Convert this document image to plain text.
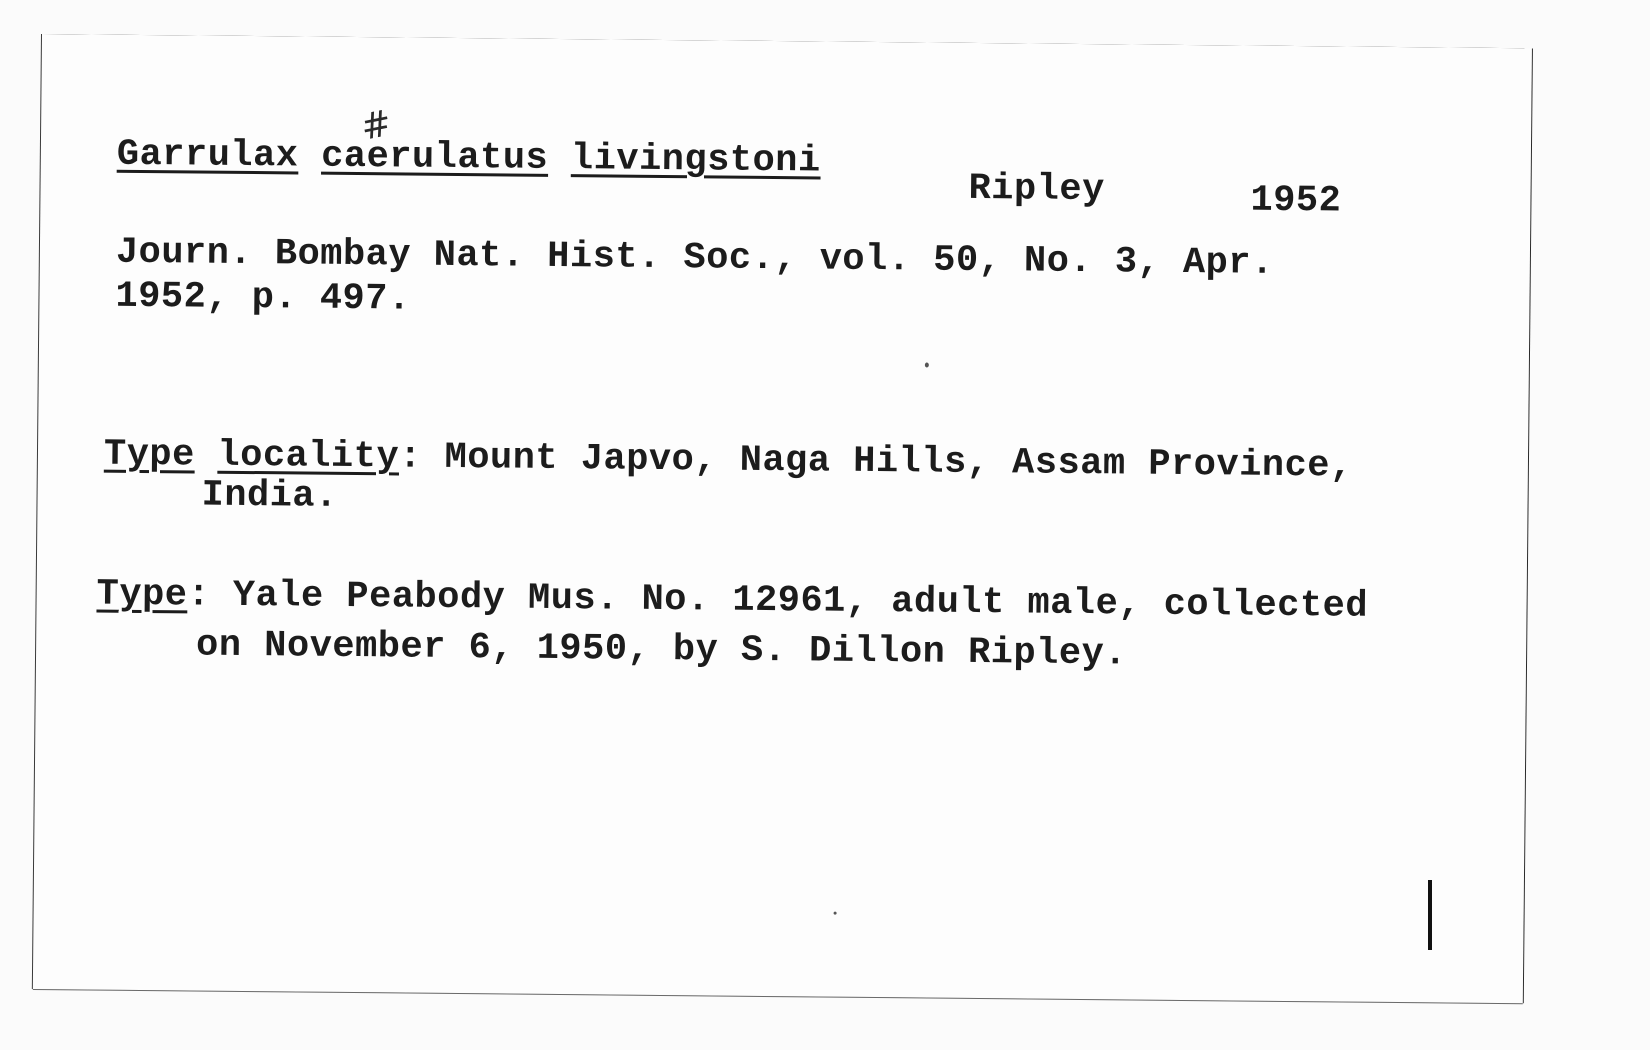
Garrulax caerulatus livingstoni
#
Ripley	1952
Journ. Bombay Nat. Hist. Soc., vol. 50, No. 3, Apr.
1952, p. 497.
Type locality: Mount Japvo, Naga Hills, Assam Province,
India.
Type: Yale Peabody Mus. No. 12961, adult male, collected
on November 6, 1950, by S. Dillon Ripley.
